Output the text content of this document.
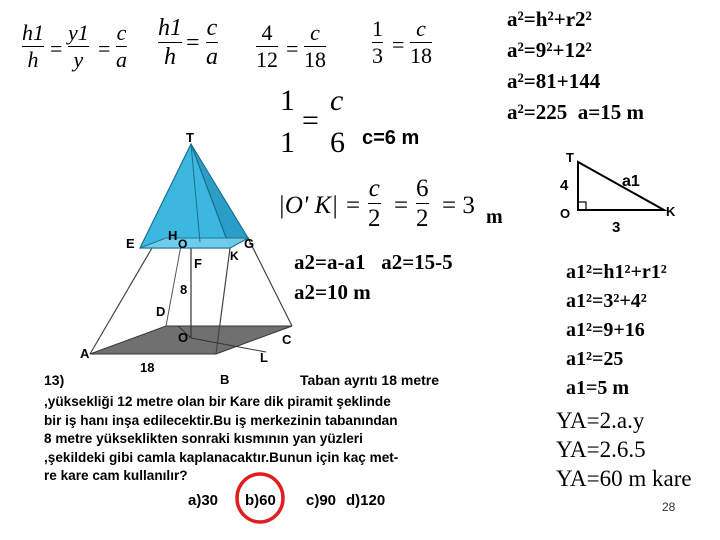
h1
h =
y1
y =
c
a
h1
h
=
c
a
4
12 =
c
18
1
3 =
c
18
1
1
=
c
6 c=6 m
|O' K| =
c
2 =
6
2 = 3 m
a2=a-a1   a2=15-5
a2=10 m
a²=h²+r2²
a²=9²+12²
a²=81+144
a²=225  a=15 m
T
4
O
3
K
a1
a1²=h1²+r1²
a1²=3²+4²
a1²=9+16
a1²=25
a1=5 m
YA=2.a.y
YA=2.6.5
YA=60 m kare
T
E
H
O	G
F K
8
D
O	C
A
18
L
B
13)	Taban ayrıtı 18 metre
,yüksekliği 12 metre olan bir Kare dik piramit şeklinde
bir iş hanı inşa edilecektir.Bu iş merkezinin tabanından
8 metre yükseklikten sonraki kısmının yan yüzleri
,şekildeki gibi camla kaplanacaktır.Bunun için kaç met-
re kare cam kullanılır?
a)30 b)60 c)90 d)120	28
